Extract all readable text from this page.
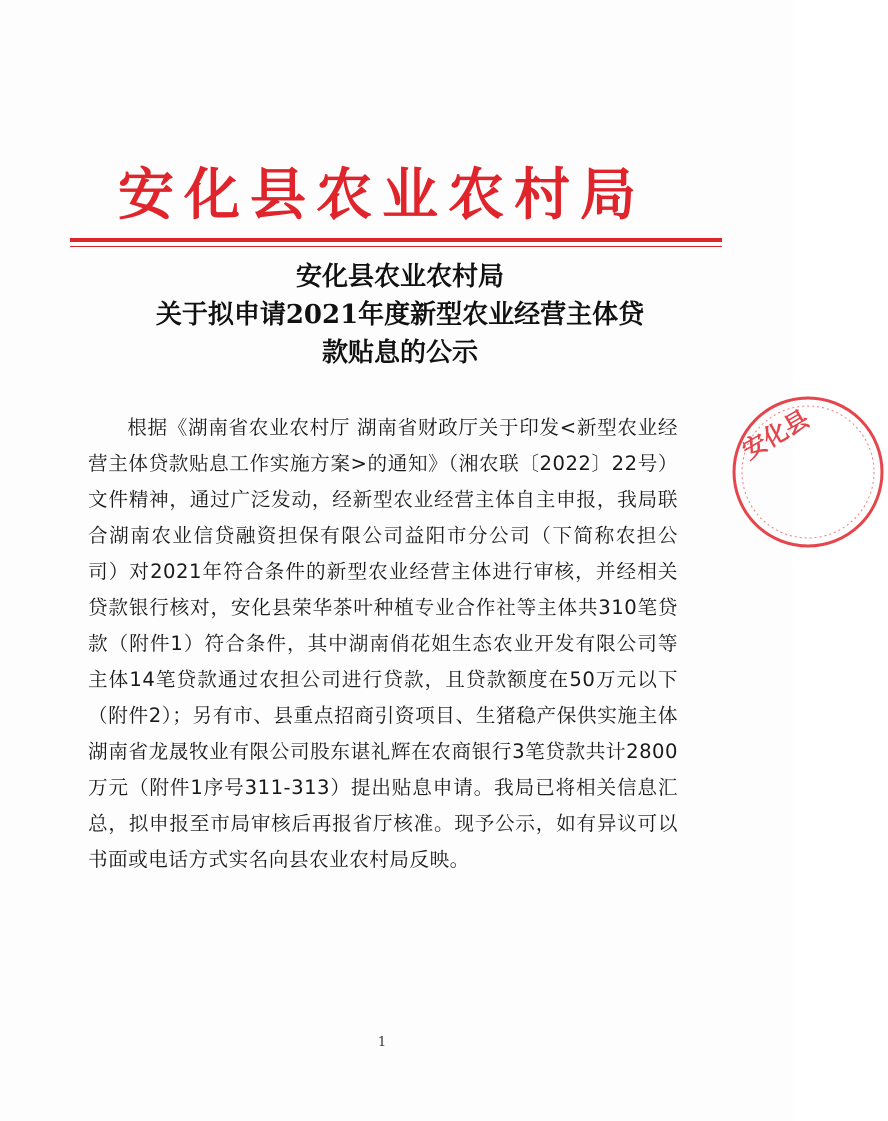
安化县农业农村局
安化县农业农村局
关于拟申请2021年度新型农业经营主体贷
款贴息的公示
根据《湖南省农业农村厅 湖南省财政厅关于印发<新型农业经营主体贷款贴息工作实施方案>的通知》（湘农联〔2022〕22号）文件精神，通过广泛发动，经新型农业经营主体自主申报，我局联合湖南农业信贷融资担保有限公司益阳市分公司（下简称农担公司）对2021年符合条件的新型农业经营主体进行审核，并经相关贷款银行核对，安化县荣华茶叶种植专业合作社等主体共310笔贷款（附件1）符合条件，其中湖南俏花姐生态农业开发有限公司等主体14笔贷款通过农担公司进行贷款，且贷款额度在50万元以下（附件2）；另有市、县重点招商引资项目、生猪稳产保供实施主体湖南省龙晟牧业有限公司股东谌礼辉在农商银行3笔贷款共计2800万元（附件1序号311-313）提出贴息申请。我局已将相关信息汇总，拟申报至市局审核后再报省厅核准。现予公示，如有异议可以书面或电话方式实名向县农业农村局反映。
安化县
1
